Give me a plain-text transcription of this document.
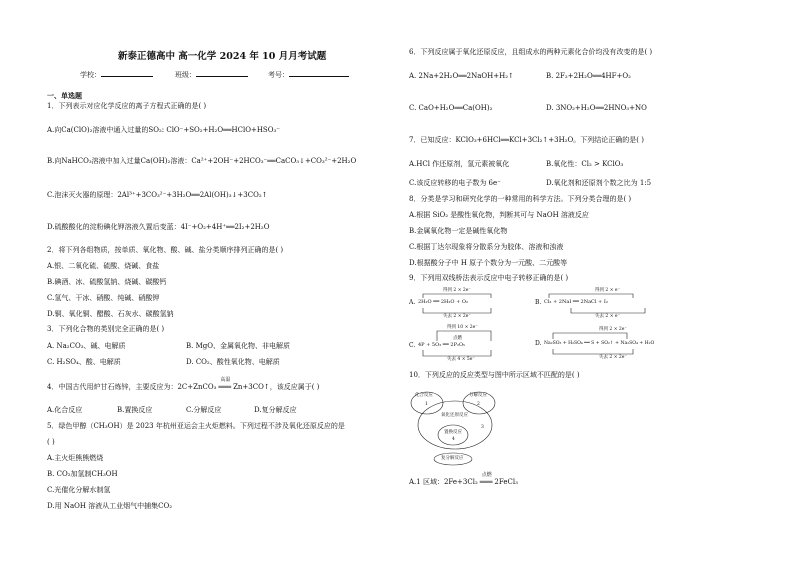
新泰正德高中 高一化学 2024 年 10 月月考试题
学校：	班级：	考号：
一、单选题
1．下列表示对应化学反应的离子方程式正确的是( )
A.向Ca(ClO)₂溶液中通入过量的SO₂: ClO⁻+SO₂+H₂O══HClO+HSO₃⁻
B.向NaHCO₃溶液中加入过量Ca(OH)₂溶液：Ca²⁺+2OH⁻+2HCO₃⁻══CaCO₃↓+CO₃²⁻+2H₂O
C.泡沫灭火器的原理：2Al³⁺+3CO₃²⁻+3H₂O══2Al(OH)₃↓+3CO₂↑
D.硫酸酸化的淀粉碘化钾溶液久置后变蓝：4I⁻+O₂+4H⁺══2I₂+2H₂O
2．将下列各组物质，按单质、氧化物、酸、碱、盐分类顺序排列正确的是( )
A.银、二氧化硫、硫酸、烧碱、食盐
B.碘酒、冰、硫酸氢钠、烧碱、碳酸钙
C.氢气、干冰、硝酸、纯碱、硝酸钾
D.铜、氧化铜、醋酸、石灰水、碳酸氢钠
3．下列化合物的类别完全正确的是( )
A. Na₂CO₃、碱、电解质	B. MgO、金属氧化物、非电解质
C. H₂SO₄、酸、电解质	D. CO₂、酸性氧化物、电解质
4．中国古代用炉甘石炼锌，主要反应为：2C+ZnCO₃
高温
═══ Zn+3CO↑，该反应属于( )
A.化合反应	B.置换反应	C.分解反应	D.复分解反应
5．绿色甲醇（CH₃OH）是 2023 年杭州亚运会主火炬燃料。下列过程不涉及氧化还原反应的是
( )
A.主火炬熊熊燃烧
B. CO₂加氢制CH₃OH
C.光催化分解水制氢
D.用 NaOH 溶液从工业烟气中捕集CO₂
6．下列反应属于氧化还原反应，且组成水的两种元素化合价均没有改变的是( )
A. 2Na+2H₂O══2NaOH+H₂↑	B. 2F₂+2H₂O══4HF+O₂
C. CaO+H₂O══Ca(OH)₂	D. 3NO₂+H₂O══2HNO₃+NO
7．已知反应：KClO₃+6HCl══KCl+3Cl₂↑+3H₂O。下列结论正确的是( )
A.HCl 作还原剂，氢元素被氧化	B.氧化性：Cl₂ > KClO₃
C.该反应转移的电子数为 6e⁻	D.氧化剂和还原剂个数之比为 1:5
8．分类是学习和研究化学的一种常用的科学方法。下列分类合理的是( )
A.根据 SiO₂ 是酸性氧化物，判断其可与 NaOH 溶液反应
B.金属氧化物一定是碱性氧化物
C.根据丁达尔现象将分散系分为胶体、溶液和浊液
D.根据酸分子中 H 原子个数分为一元酸、二元酸等
9．下列用双线桥法表示反应中电子转移正确的是( )
A.
得到 2 × 2e⁻
2H₂O ══ 2H₂O + O₂
失去 2 × 2e⁻
B.
得到 2 × e⁻
Cl₂ + 2NaI ══ 2NaCl + I₂
失去 2 × e⁻
C.
得到 10 × 2e⁻
点燃
4P + 5O₂ ══ 2P₂O₅
失去 4 × 5e⁻
D.
得到 2 × 2e⁻
Na₂SO₃ + H₂SO₄ ══ S + SO₂↑ + Na₂SO₄ + H₂O
失去 2 × 2e⁻
10．下列反应的反应类型与图中所示区域不匹配的是( )
化合反应
1
分解反应
2
氧化还原反应
3
置换反应
4
复分解反应
A.1 区域：2Fe+3Cl₂
点燃
═══ 2FeCl₃
